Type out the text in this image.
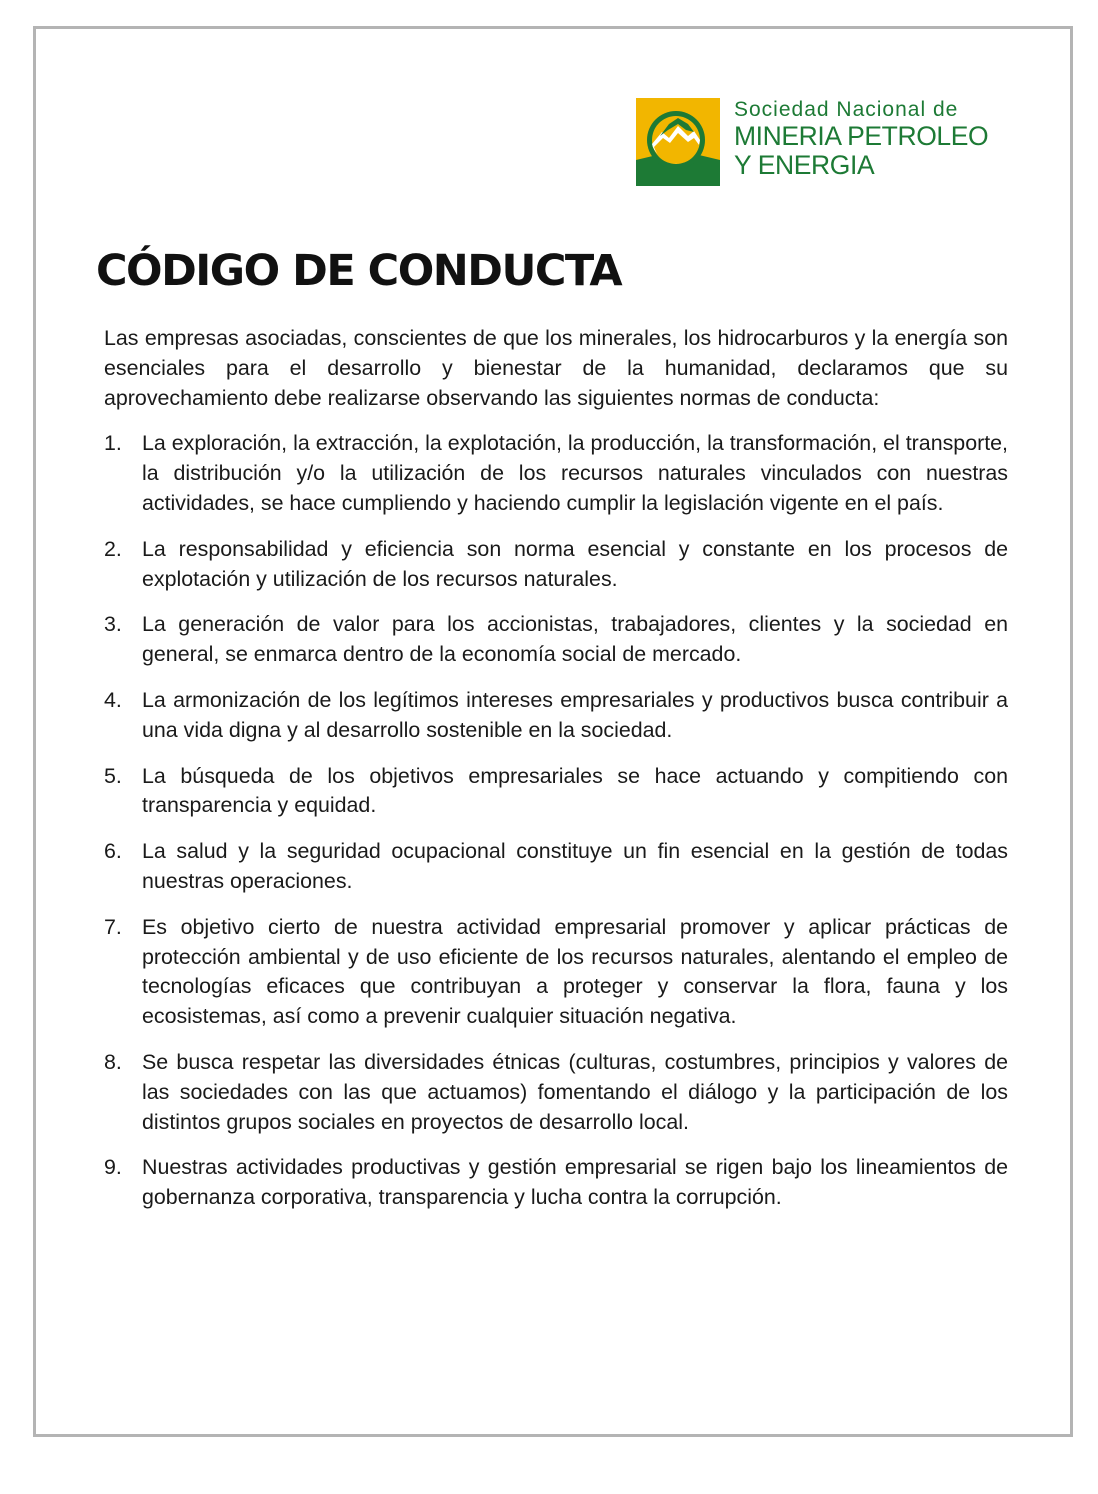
Sociedad Nacional de
MINERIA PETROLEO
Y ENERGIA
CÓDIGO DE CONDUCTA

Las empresas asociadas, conscientes de que los minerales, los hidrocarburos y la energía son esenciales para el desarrollo y bienestar de la humanidad, declaramos que su aprovechamiento debe realizarse observando las siguientes normas de conducta:

1. La exploración, la extracción, la explotación, la producción, la transformación, el transporte, la distribución y/o la utilización de los recursos naturales vinculados con nuestras actividades, se hace cumpliendo y haciendo cumplir la legislación vigente en el país.
2. La responsabilidad y eficiencia son norma esencial y constante en los procesos de explotación y utilización de los recursos naturales.
3. La generación de valor para los accionistas, trabajadores, clientes y la sociedad en general, se enmarca dentro de la economía social de mercado.
4. La armonización de los legítimos intereses empresariales y productivos busca contribuir a una vida digna y al desarrollo sostenible en la sociedad.
5. La búsqueda de los objetivos empresariales se hace actuando y compitiendo con transparencia y equidad.
6. La salud y la seguridad ocupacional constituye un fin esencial en la gestión de todas nuestras operaciones.
7. Es objetivo cierto de nuestra actividad empresarial promover y aplicar prácticas de protección ambiental y de uso eficiente de los recursos naturales, alentando el empleo de tecnologías eficaces que contribuyan a proteger y conservar la flora, fauna y los ecosistemas, así como a prevenir cualquier situación negativa.
8. Se busca respetar las diversidades étnicas (culturas, costumbres, principios y valores de las sociedades con las que actuamos) fomentando el diálogo y la participación de los distintos grupos sociales en proyectos de desarrollo local.
9. Nuestras actividades productivas y gestión empresarial se rigen bajo los lineamientos de gobernanza corporativa, transparencia y lucha contra la corrupción.
